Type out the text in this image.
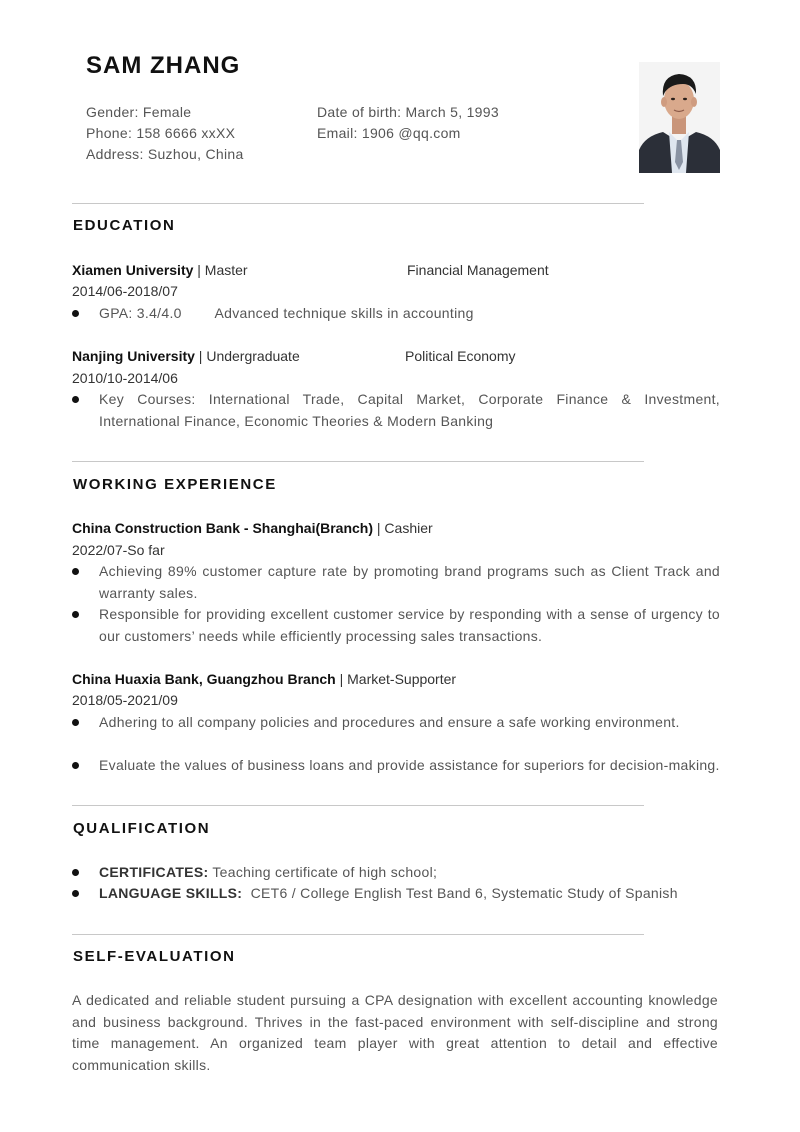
SAM ZHANG
Gender: Female
Phone: 158 6666 xxXX
Address: Suzhou, China
Date of birth: March 5, 1993
Email: 1906 @qq.com
EDUCATION
Xiamen University | Master	Financial Management
2014/06-2018/07
GPA: 3.4/4.0        Advanced technique skills in accounting
Nanjing University | Undergraduate	Political Economy
2010/10-2014/06
Key Courses: International Trade, Capital Market, Corporate Finance & Investment, International Finance, Economic Theories & Modern Banking
WORKING EXPERIENCE
China Construction Bank - Shanghai(Branch) | Cashier
2022/07-So far
Achieving 89% customer capture rate by promoting brand programs such as Client Track and warranty sales.
Responsible for providing excellent customer service by responding with a sense of urgency to our customers’ needs while efficiently processing sales transactions.
China Huaxia Bank, Guangzhou Branch | Market-Supporter
2018/05-2021/09
Adhering to all company policies and procedures and ensure a safe working environment.
Evaluate the values of business loans and provide assistance for superiors for decision-making.
QUALIFICATION
CERTIFICATES: Teaching certificate of high school;
LANGUAGE SKILLS:  CET6 / College English Test Band 6, Systematic Study of Spanish
SELF-EVALUATION

A dedicated and reliable student pursuing a CPA designation with excellent accounting knowledge and business background. Thrives in the fast-paced environment with self-discipline and strong time management. An organized team player with great attention to detail and effective communication skills.
